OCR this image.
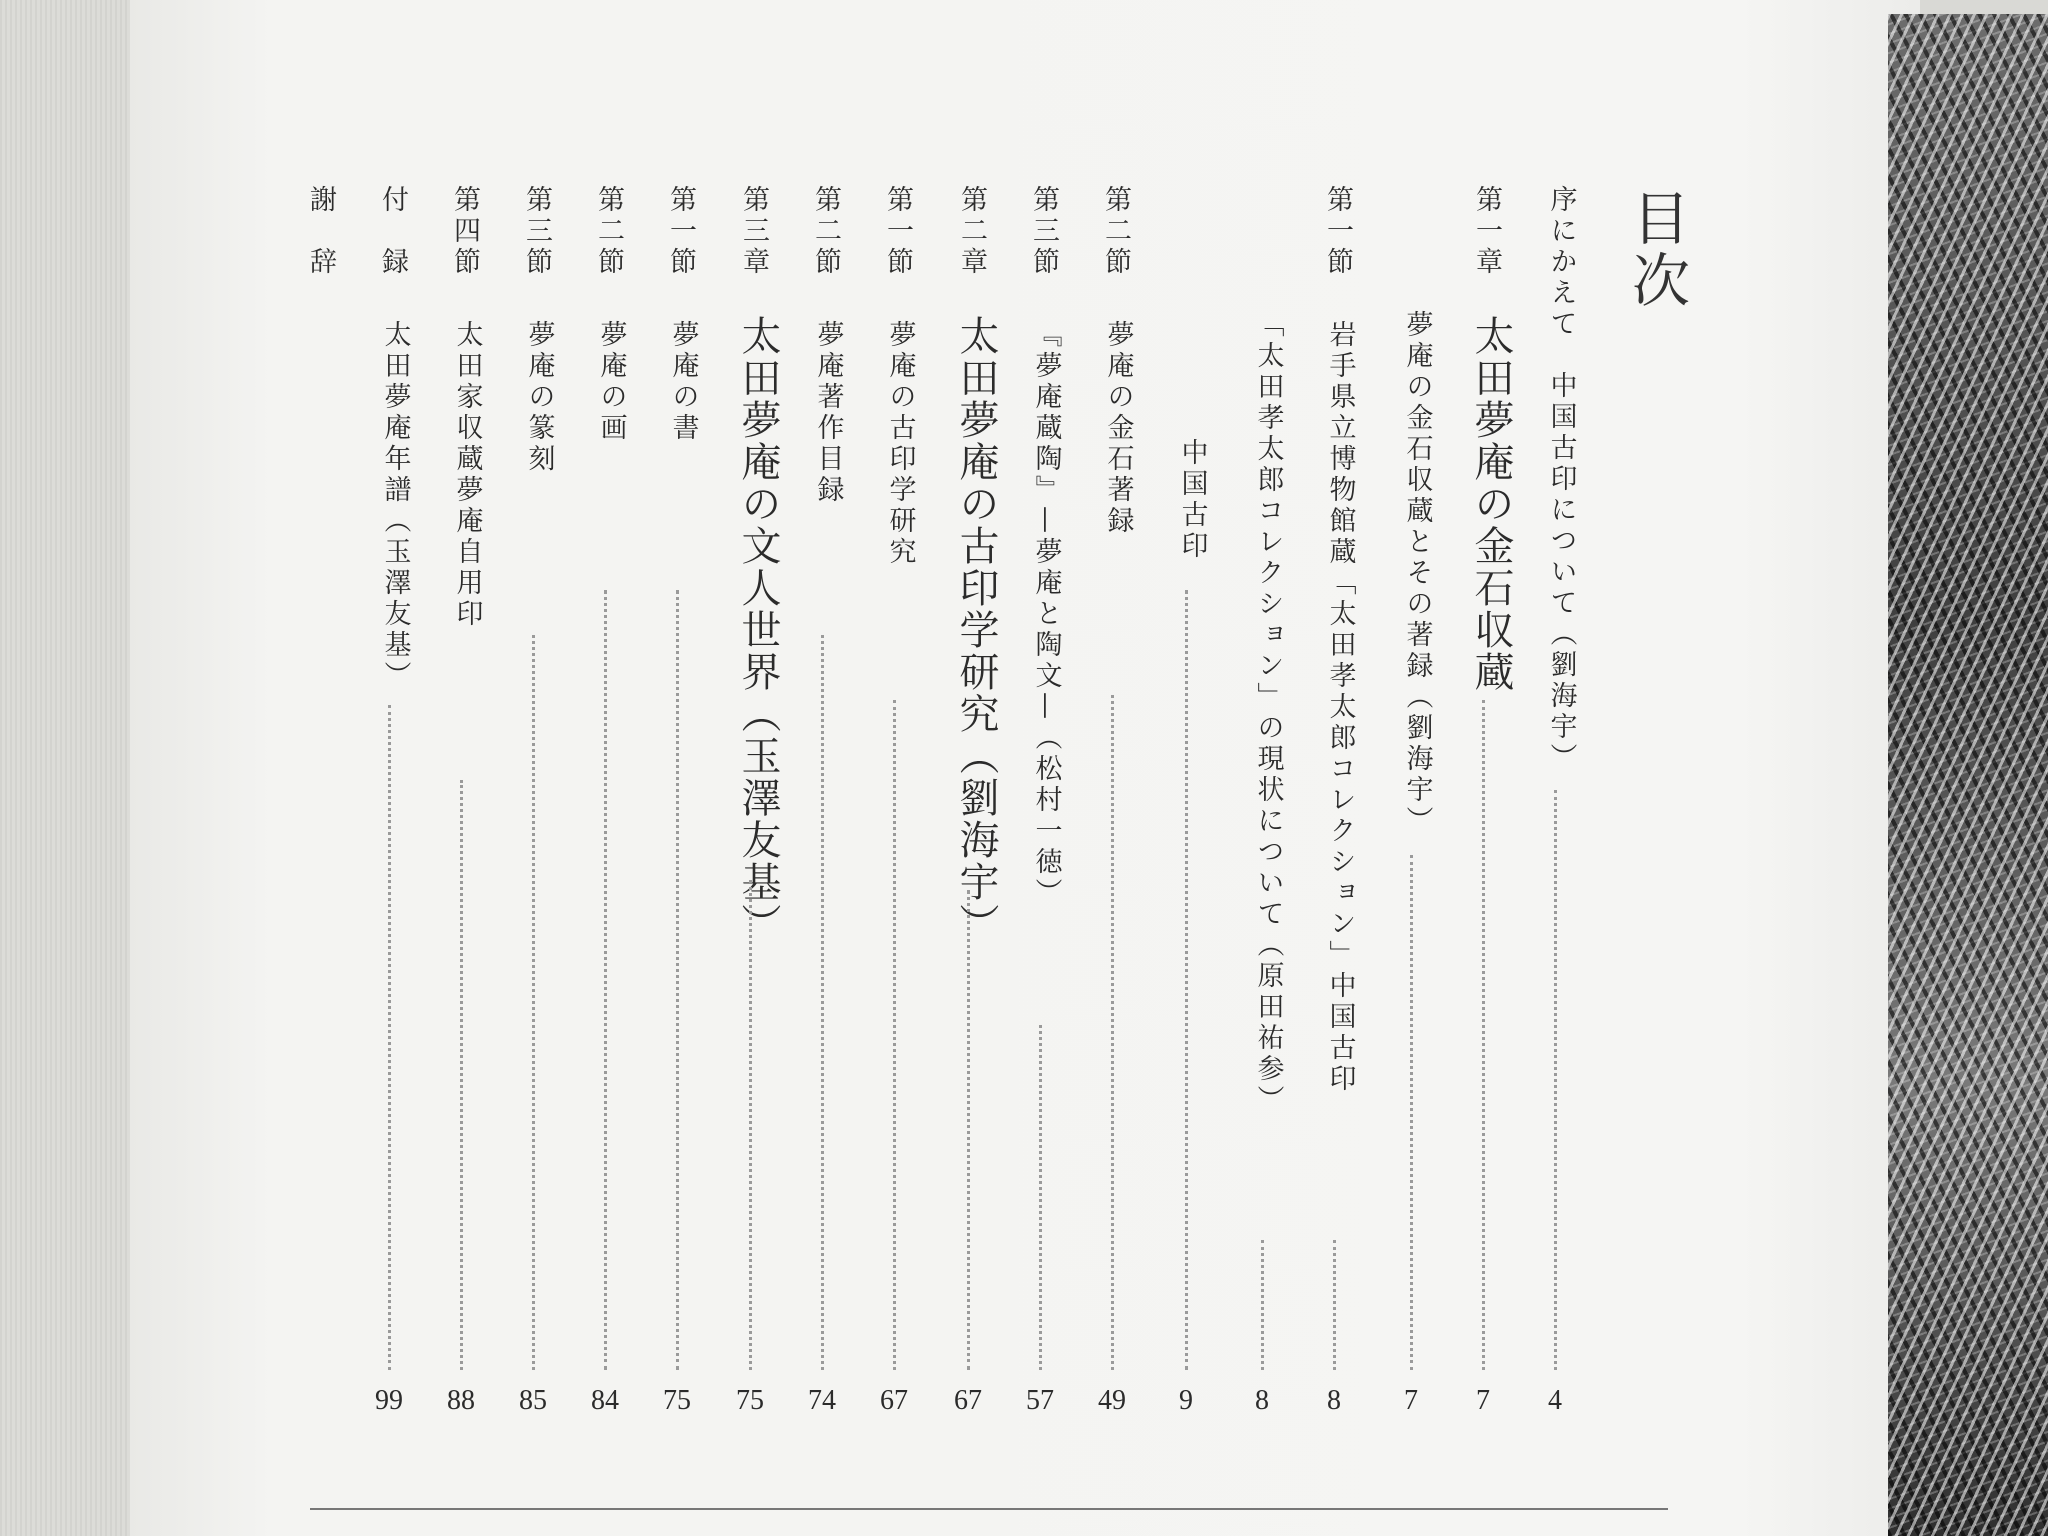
目次
序にかえて　中国古印について（劉海宇）
4
第一章
太田夢庵の金石収蔵
7
夢庵の金石収蔵とその著録（劉海宇）
7
第一節
岩手県立博物館蔵「太田孝太郎コレクション」中国古印
8
「太田孝太郎コレクション」の現状について（原田祐参）
8
中国古印
9
第二節
夢庵の金石著録
49
第三節
『夢庵蔵陶』—夢庵と陶文—（松村一徳）
57
第二章
太田夢庵の古印学研究（劉海宇）
67
第一節
夢庵の古印学研究
67
第二節
夢庵著作目録
74
第三章
太田夢庵の文人世界（玉澤友基）
75
第一節
夢庵の書
75
第二節
夢庵の画
84
第三節
夢庵の篆刻
85
第四節
太田家収蔵夢庵自用印
88
付　録
太田夢庵年譜（玉澤友基）
99
謝　辞
